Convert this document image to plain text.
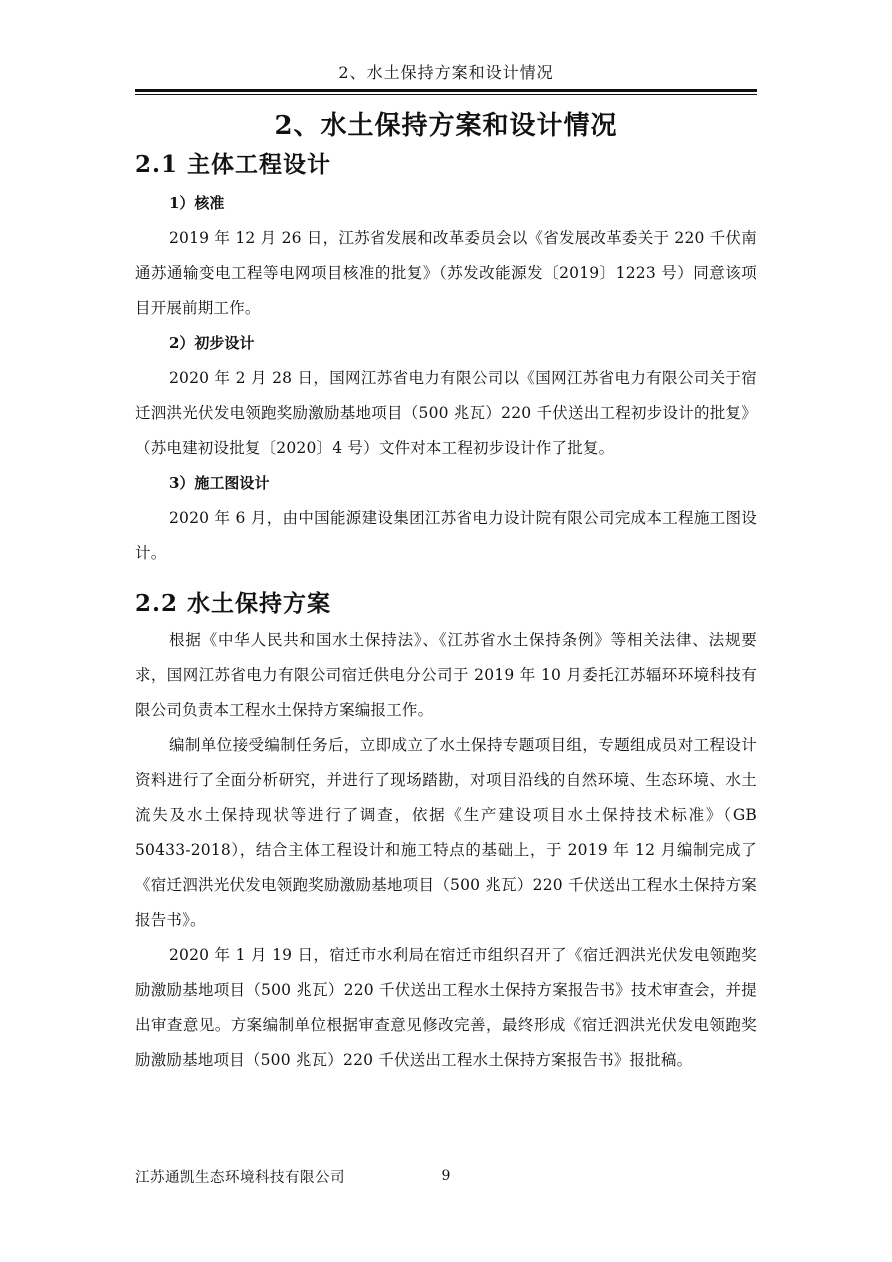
2、水土保持方案和设计情况
2、水土保持方案和设计情况
2.1 主体工程设计

1）核准

2019 年 12 月 26 日，江苏省发展和改革委员会以《省发展改革委关于 220 千伏南通苏通输变电工程等电网项目核准的批复》（苏发改能源发〔2019〕1223 号）同意该项目开展前期工作。

2）初步设计

2020 年 2 月 28 日，国网江苏省电力有限公司以《国网江苏省电力有限公司关于宿迁泗洪光伏发电领跑奖励激励基地项目（500 兆瓦）220 千伏送出工程初步设计的批复》（苏电建初设批复〔2020〕4 号）文件对本工程初步设计作了批复。

3）施工图设计

2020 年 6 月，由中国能源建设集团江苏省电力设计院有限公司完成本工程施工图设计。

2.2 水土保持方案

根据《中华人民共和国水土保持法》、《江苏省水土保持条例》等相关法律、法规要求，国网江苏省电力有限公司宿迁供电分公司于 2019 年 10 月委托江苏辐环环境科技有限公司负责本工程水土保持方案编报工作。

编制单位接受编制任务后，立即成立了水土保持专题项目组，专题组成员对工程设计资料进行了全面分析研究，并进行了现场踏勘，对项目沿线的自然环境、生态环境、水土流失及水土保持现状等进行了调查，依据《生产建设项目水土保持技术标准》（GB 50433-2018），结合主体工程设计和施工特点的基础上，于 2019 年 12 月编制完成了《宿迁泗洪光伏发电领跑奖励激励基地项目（500 兆瓦）220 千伏送出工程水土保持方案报告书》。

2020 年 1 月 19 日，宿迁市水利局在宿迁市组织召开了《宿迁泗洪光伏发电领跑奖励激励基地项目（500 兆瓦）220 千伏送出工程水土保持方案报告书》技术审查会，并提出审查意见。方案编制单位根据审查意见修改完善，最终形成《宿迁泗洪光伏发电领跑奖励激励基地项目（500 兆瓦）220 千伏送出工程水土保持方案报告书》报批稿。

江苏通凯生态环境科技有限公司	9
